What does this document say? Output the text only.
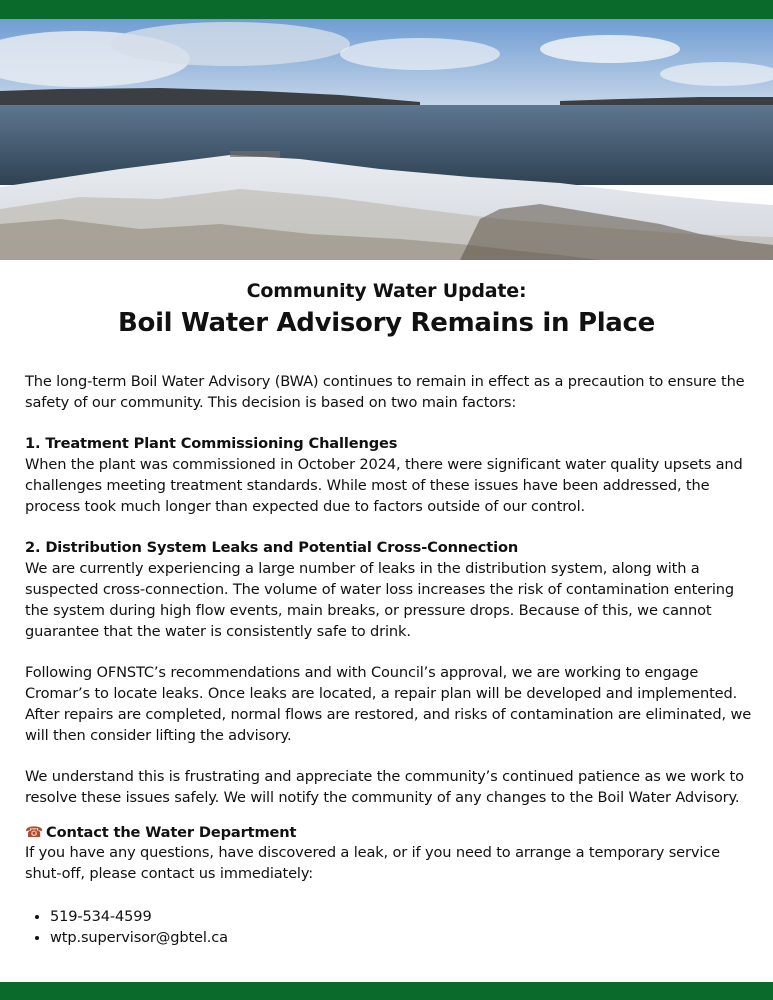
Community Water Update:
Boil Water Advisory Remains in Place

The long-term Boil Water Advisory (BWA) continues to remain in effect as a precaution to ensure the safety of our community. This decision is based on two main factors:

1. Treatment Plant Commissioning Challenges

When the plant was commissioned in October 2024, there were significant water quality upsets and challenges meeting treatment standards. While most of these issues have been addressed, the process took much longer than expected due to factors outside of our control.

2. Distribution System Leaks and Potential Cross-Connection

We are currently experiencing a large number of leaks in the distribution system, along with a suspected cross-connection. The volume of water loss increases the risk of contamination entering the system during high flow events, main breaks, or pressure drops. Because of this, we cannot guarantee that the water is consistently safe to drink.

Following OFNSTC’s recommendations and with Council’s approval, we are working to engage Cromar’s to locate leaks. Once leaks are located, a repair plan will be developed and implemented. After repairs are completed, normal flows are restored, and risks of contamination are eliminated, we will then consider lifting the advisory.

We understand this is frustrating and appreciate the community’s continued patience as we work to resolve these issues safely. We will notify the community of any changes to the Boil Water Advisory.

☎ Contact the Water Department

If you have any questions, have discovered a leak, or if you need to arrange a temporary service shut-off, please contact us immediately:

• 519-534-4599
• wtp.supervisor@gbtel.ca
